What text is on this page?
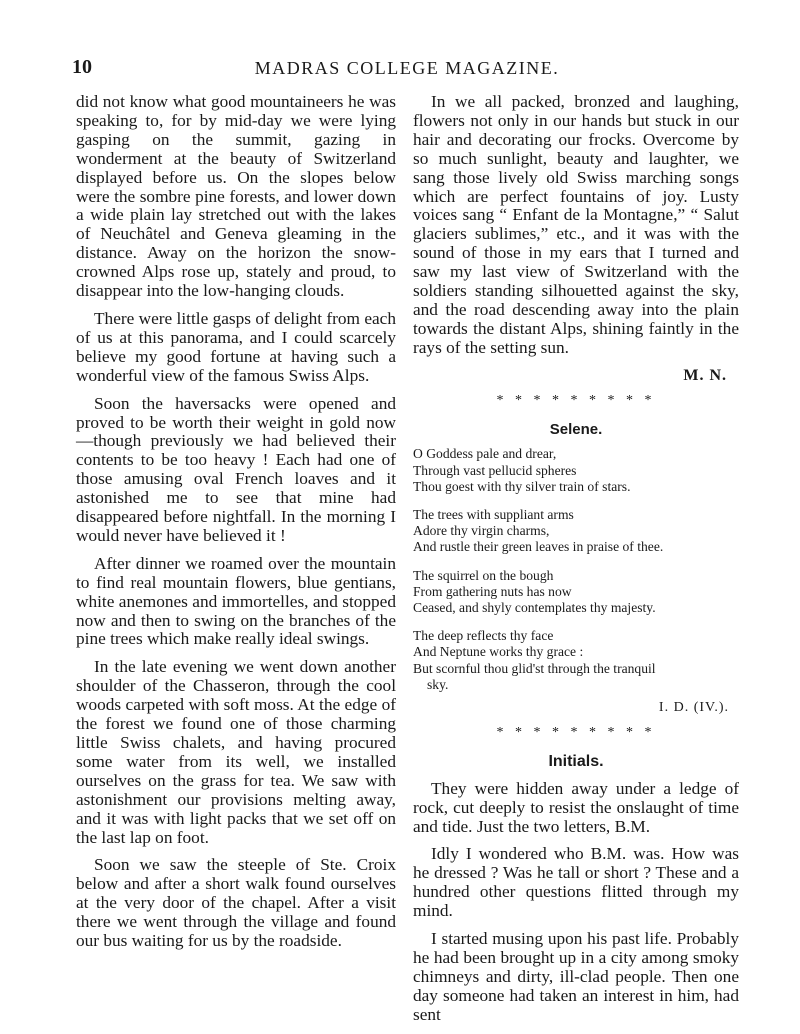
10	MADRAS COLLEGE MAGAZINE.

did not know what good mountaineers he was speaking to, for by mid-day we were lying gasping on the summit, gazing in wonderment at the beauty of Switzerland displayed before us. On the slopes below were the sombre pine forests, and lower down a wide plain lay stretched out with the lakes of Neuchâtel and Geneva gleaming in the distance. Away on the horizon the snow-crowned Alps rose up, stately and proud, to disappear into the low-hanging clouds.

There were little gasps of delight from each of us at this panorama, and I could scarcely believe my good fortune at having such a wonderful view of the famous Swiss Alps.

Soon the haversacks were opened and proved to be worth their weight in gold now—though previously we had believed their contents to be too heavy ! Each had one of those amusing oval French loaves and it astonished me to see that mine had disappeared before nightfall. In the morning I would never have believed it !

After dinner we roamed over the mountain to find real mountain flowers, blue gentians, white anemones and immortelles, and stopped now and then to swing on the branches of the pine trees which make really ideal swings.

In the late evening we went down another shoulder of the Chasseron, through the cool woods carpeted with soft moss. At the edge of the forest we found one of those charming little Swiss chalets, and having procured some water from its well, we installed ourselves on the grass for tea. We saw with astonishment our provisions melting away, and it was with light packs that we set off on the last lap on foot.

Soon we saw the steeple of Ste. Croix below and after a short walk found ourselves at the very door of the chapel. After a visit there we went through the village and found our bus waiting for us by the roadside.

In we all packed, bronzed and laughing, flowers not only in our hands but stuck in our hair and decorating our frocks. Overcome by so much sunlight, beauty and laughter, we sang those lively old Swiss marching songs which are perfect fountains of joy. Lusty voices sang “ Enfant de la Montagne,” “ Salut glaciers sublimes,” etc., and it was with the sound of those in my ears that I turned and saw my last view of Switzerland with the soldiers standing silhouetted against the sky, and the road descending away into the plain towards the distant Alps, shining faintly in the rays of the setting sun.

M. N.
* * * * * * * * *
Selene.
O Goddess pale and drear,
Through vast pellucid spheres
Thou goest with thy silver train of stars.
The trees with suppliant arms
Adore thy virgin charms,
And rustle their green leaves in praise of thee.
The squirrel on the bough
From gathering nuts has now
Ceased, and shyly contemplates thy majesty.
The deep reflects thy face
And Neptune works thy grace :
But scornful thou glid'st through the tranquil
sky.
I. D. (IV.).
* * * * * * * * *
Initials.

They were hidden away under a ledge of rock, cut deeply to resist the onslaught of time and tide. Just the two letters, B.M.

Idly I wondered who B.M. was. How was he dressed ? Was he tall or short ? These and a hundred other questions flitted through my mind.

I started musing upon his past life. Probably he had been brought up in a city among smoky chimneys and dirty, ill-clad people. Then one day someone had taken an interest in him, had sent
